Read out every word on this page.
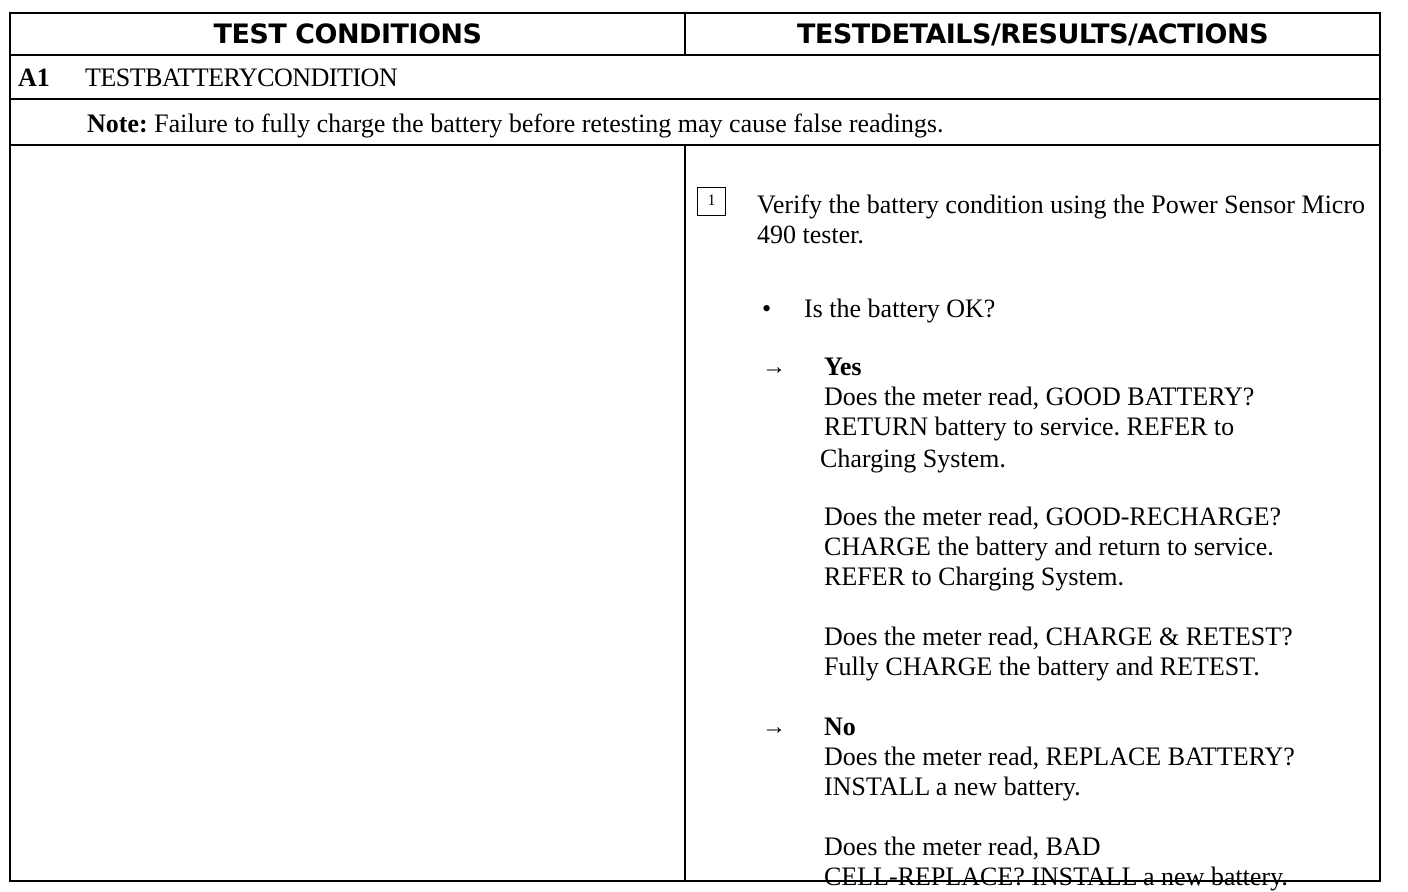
TEST CONDITIONS	TESTDETAILS/RESULTS/ACTIONS
A1 TESTBATTERYCONDITION
Note: Failure to fully charge the battery before retesting may cause false readings.
1	Verify the battery condition using the Power Sensor Micro 490 tester.
• Is the battery OK?
→ Yes

Does the meter read, GOOD BATTERY?

RETURN battery to service. REFER to

Charging System.

Does the meter read, GOOD-RECHARGE?

CHARGE the battery and return to service.

REFER to Charging System.

Does the meter read, CHARGE & RETEST?

Fully CHARGE the battery and RETEST.

→ No

Does the meter read, REPLACE BATTERY?

INSTALL a new battery.

Does the meter read, BAD

CELL-REPLACE? INSTALL a new battery.
